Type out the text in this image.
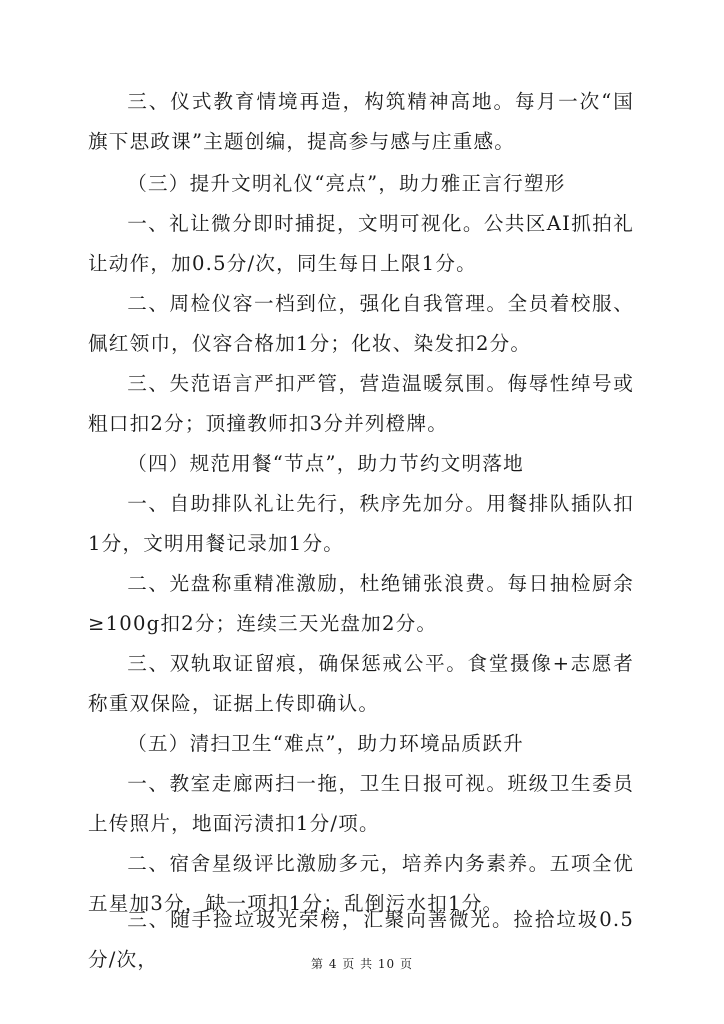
三、仪式教育情境再造，构筑精神高地。每月一次“国旗下思政课”主题创编，提高参与感与庄重感。

（三）提升文明礼仪“亮点”，助力雅正言行塑形

一、礼让微分即时捕捉，文明可视化。公共区AI抓拍礼让动作，加0.5分/次，同生每日上限1分。

二、周检仪容一档到位，强化自我管理。全员着校服、佩红领巾，仪容合格加1分；化妆、染发扣2分。

三、失范语言严扣严管，营造温暖氛围。侮辱性绰号或粗口扣2分；顶撞教师扣3分并列橙牌。

（四）规范用餐“节点”，助力节约文明落地

一、自助排队礼让先行，秩序先加分。用餐排队插队扣1分，文明用餐记录加1分。

二、光盘称重精准激励，杜绝铺张浪费。每日抽检厨余≥100g扣2分；连续三天光盘加2分。

三、双轨取证留痕，确保惩戒公平。食堂摄像+志愿者称重双保险，证据上传即确认。

（五）清扫卫生“难点”，助力环境品质跃升

一、教室走廊两扫一拖，卫生日报可视。班级卫生委员上传照片，地面污渍扣1分/项。

二、宿舍星级评比激励多元，培养内务素养。五项全优五星加3分，缺一项扣1分；乱倒污水扣1分。

三、随手捡垃圾光荣榜，汇聚向善微光。捡拾垃圾0.5分/次，	第 4 页 共 10 页
